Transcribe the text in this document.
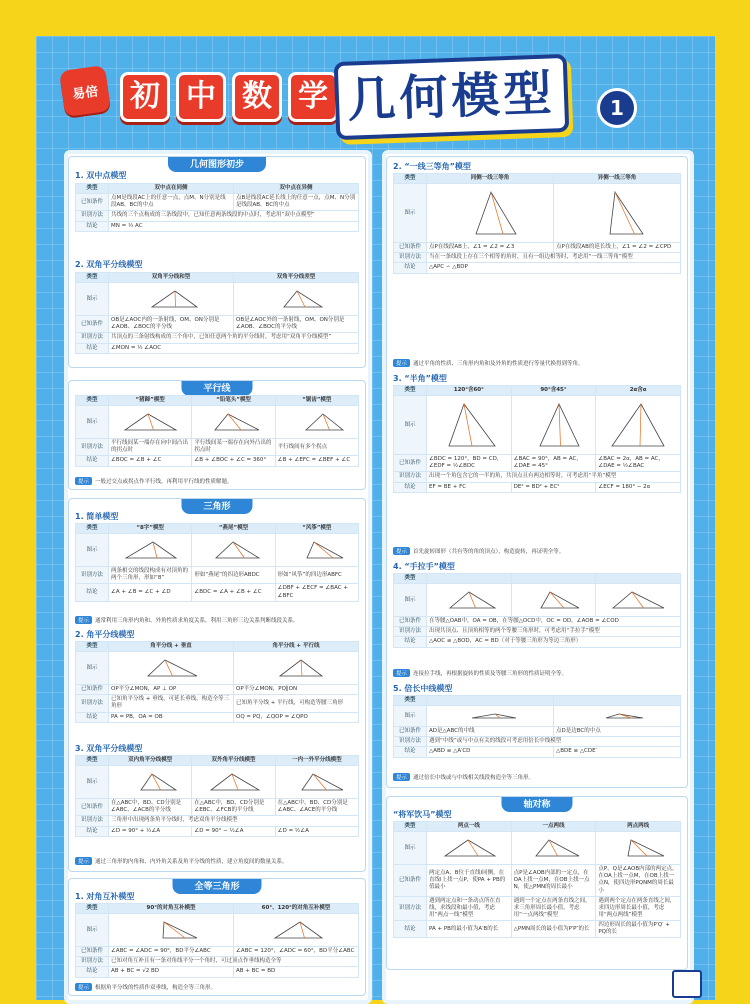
易倍	初 中 数 学 几何模型	1
几何图形初步
1. 双中点模型
类型	双中点在同侧	双中点在异侧
已知条件	点M是线段AC上的任意一点，点M、N分别是线段AB、BC的中点	点B是线段AC延长线上的任意一点，点M、N分别是线段AB、BC的中点
识别方法	共线的三个点构成的三条线段中，已知任意两条线段的中点时，考虑用“双中点模型”	
结论	MN = ½ AC	
2. 双角平分线模型
类型	双角平分线和型	双角平分线差型
图示	

已知条件	OB是∠AOC内的一条射线，OM、ON分别是∠AOB、∠BOC的平分线	OB是∠AOC外的一条射线，OM、ON分别是∠AOB、∠BOC的平分线
识别方法	共顶点的三条射线构成的三个角中，已知任意两个角的平分线时，考虑用“双角平分线模型”	
结论	∠MON = ½ ∠AOC	
平行线
类型	“猪蹄”模型	“铅笔头”模型	“锯齿”模型
图示	

识别方法	平行线间某一端存在向中间凸出的拐点时	平行线间某一端存在向外凸出的拐点时	平行线间有多个拐点
结论	∠BOC = ∠B + ∠C	∠B + ∠BOC + ∠C = 360°	∠B + ∠EFC = ∠BEF + ∠C
提示 一般过交点或拐点作平行线，再利用平行线的性质解题。
三角形
1. 简单模型
类型	“8字”模型	“燕尾”模型	“风筝”模型
图示	

识别方法	两条相交的线段构成有对顶角的两个三角形，形如“8”	形如“燕尾”的四边形ABDC	形如“风筝”的四边形ABFC
结论	∠A + ∠B = ∠C + ∠D	∠BDC = ∠A + ∠B + ∠C	∠DBF + ∠ECF = ∠BAC + ∠BFC
提示 通常利用三角形内角和、外角性质求角度关系，利用三角形三边关系判断线段关系。
2. 角平分线模型
类型	角平分线 + 垂直	角平分线 + 平行线
图示	

已知条件	OP平分∠MON，AP ⊥ OP	OP平分∠MON，PQ∥ON
识别方法	已知角平分线 + 垂线，可延长垂线，构造全等三角形	已知角平分线 + 平行线，可构造等腰三角形
结论	PA = PB，OA = OB	OQ = PQ，∠QOP = ∠QPO
3. 双角平分线模型
类型	双内角平分线模型	双外角平分线模型	一内一外平分线模型
图示	

已知条件	在△ABC中，BD、CD分别是∠ABC、∠ACB的平分线	在△ABC中，BD、CD分别是∠EBC、∠FCB的平分线	在△ABC中，BD、CD分别是∠ABC、∠ACE的平分线
识别方法	三角形中出现两条角平分线时，考虑双角平分线模型		
结论	∠D = 90° + ½∠A	∠D = 90° − ½∠A	∠D = ½∠A
提示 通过三角形的内角和、内外角关系及角平分线的性质，建立角度间的数量关系。
全等三角形
1. 对角互补模型
类型	90°的对角互补模型	60°、120°的对角互补模型
图示	

已知条件	∠ABC = ∠ADC = 90°，BD平分∠ABC	∠ABC = 120°，∠ADC = 60°，BD平分∠ABC
识别方法	已知对角互补且有一条对角线平分一个角时，可过顶点作垂线构造全等	
结论	AB + BC = √2 BD	AB + BC = BD
提示 根据角平分线的性质作双垂线，构造全等三角形。
2. “一线三等角”模型
类型	同侧一线三等角	异侧一线三等角
图示	

已知条件	点P在线段AB上，∠1 = ∠2 = ∠3	点P在线段AB的延长线上，∠1 = ∠2 = ∠CPD
识别方法	当在一条线段上存在三个相等的角时，且有一组边相等时，考虑用“一线三等角”模型	
结论	△APC ∽ △BDP	
提示 通过平角的性质、三角形内角和及外角的性质进行等量代换得到等角。
3. “半角”模型
类型	120°含60°	90°含45°	2α含α
图示	

已知条件	∠BDC = 120°，BD = CD，∠EDF = ½∠BDC	∠BAC = 90°，AB = AC，∠DAE = 45°	∠BAC = 2α，AB = AC，∠DAE = ½∠BAC
识别方法	出现一个角包含它的一半的角，共顶点且有两边相等时，可考虑用“半角”模型		
结论	EF = BE + FC	DE² = BD² + EC²	∠ECF = 180° − 2α
提示 首先旋转图形（共有等的角的顶点），构造旋转，再证明全等。
4. “手拉手”模型
类型			
图示	

已知条件	在等腰△OAB中，OA = OB，在等腰△OCD中，OC = OD，∠AOB = ∠COD		
识别方法	出现共顶点、且顶角相等的两个等腰三角形时，可考虑用“手拉手”模型		
结论	△AOC ≌ △BOD，AC = BD（对于等腰三角形为等边三角形）		
提示 连接拉手线，再根据旋转的性质及等腰三角形的性质证明全等。
5. 倍长中线模型
类型		
图示	

已知条件	AD是△ABC的中线	点D是边BC的中点
识别方法	遇到“中线”或与中点有关的线段可考虑用倍长中线模型	
结论	△ABD ≌ △A′CD	△BDE ≌ △CDE′
提示 通过倍长中线或与中线相关线段构造全等三角形。
轴对称
“将军饮马”模型
类型	两点一线	一点两线	两点两线
图示	

已知条件	两定点A、B位于直线l同侧，在直线l上找一点P，使PA + PB的值最小	点P是∠AOB内部的一定点，在OA上找一点M，在OB上找一点N，使△PMN的周长最小	点P、Q是∠AOB内部的两定点，在OA上找一点M，在OB上找一点N，使四边形PQNM的周长最小
识别方法	遇到两定点和一条动点所在直线，求线段和最小值，考虑用“两点一线”模型	遇到一个定点在两条直线之间，求三角形周长最小值，考虑用“一点两线”模型	遇到两个定点在两条直线之间，求四边形周长最小值，考虑用“两点两线”模型
结论	PA + PB的最小值为A′B的长	△PMN周长的最小值为P′P″的长	四边形周长的最小值为P′Q′ + PQ的长
出品：初中数学几何模型	扫码复习
